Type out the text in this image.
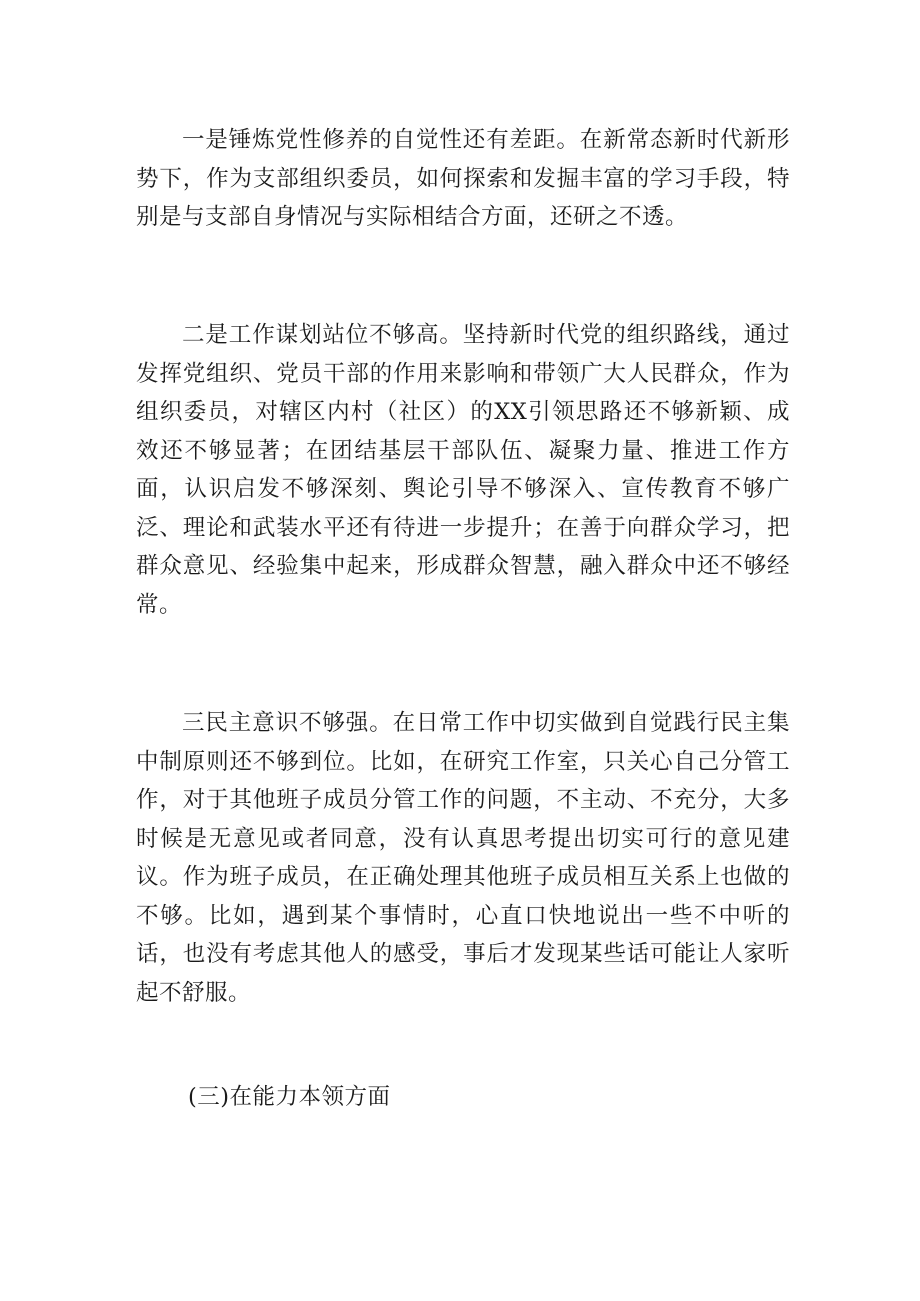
一是锤炼党性修养的自觉性还有差距。在新常态新时代新形势下，作为支部组织委员，如何探索和发掘丰富的学习手段，特别是与支部自身情况与实际相结合方面，还研之不透。

二是工作谋划站位不够高。坚持新时代党的组织路线，通过发挥党组织、党员干部的作用来影响和带领广大人民群众，作为组织委员，对辖区内村（社区）的XX引领思路还不够新颖、成效还不够显著；在团结基层干部队伍、凝聚力量、推进工作方面，认识启发不够深刻、舆论引导不够深入、宣传教育不够广泛、理论和武装水平还有待进一步提升；在善于向群众学习，把群众意见、经验集中起来，形成群众智慧，融入群众中还不够经常。

三民主意识不够强。在日常工作中切实做到自觉践行民主集中制原则还不够到位。比如，在研究工作室，只关心自己分管工作，对于其他班子成员分管工作的问题，不主动、不充分，大多时候是无意见或者同意，没有认真思考提出切实可行的意见建议。作为班子成员，在正确处理其他班子成员相互关系上也做的不够。比如，遇到某个事情时，心直口快地说出一些不中听的话，也没有考虑其他人的感受，事后才发现某些话可能让人家听起不舒服。

(三)在能力本领方面
